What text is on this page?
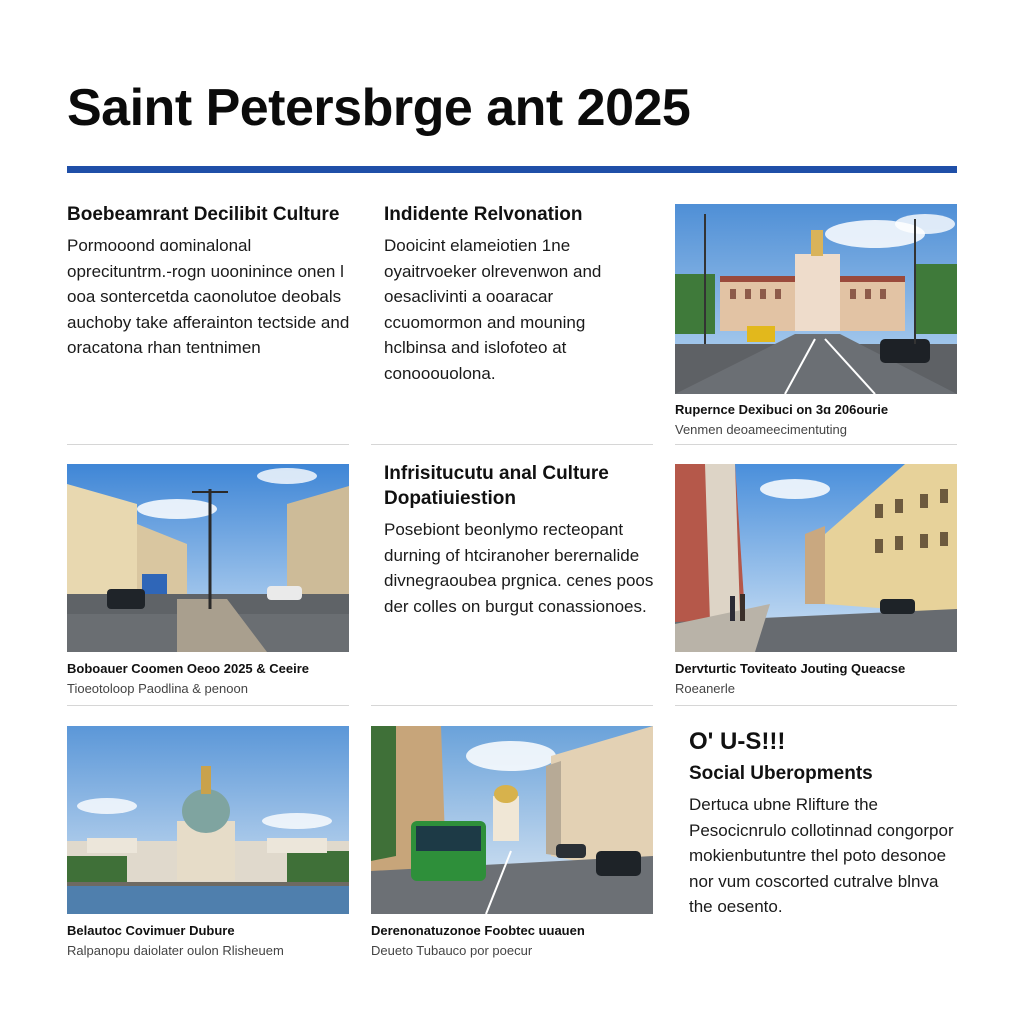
Saint Petersbrge ant 2025
Boebeamrant Decilibit Culture
Pormooond ɑominalonal oprecituntrm.-rogn uooninince onen l ooa sontercetda caonolutoe deobals auchoby take afferainton tectside and oracatona rhan tentnimen
Indidente Relvonation
Dooicint elameiotien 1ne oyaitrvoeker olrevenwon and oesaclivinti a ooaracar ccuomormon and mouning hclbinsa and islofoteo at conooouolona.
Rupernce Dexibuci on 3ɑ 206ourie
Venmen deoameecimentuting
Boboauer Coomen Oeoo 2025 & Ceeire
Tioeotoloop Paodlina & penoon
Infrisitucutu anal Culture Dopatiuiestion
Posebiont beonlymo recteopant durning of htciranoher berernalide divnegraoubea prgnica. cenes poos der colles on burgut conassionoes.
Dervturtic Toviteato Jouting Queacse
Roeanerle
Belautoc Covimuer Dubure
Ralpanopu daiolater oulon Rlisheuem
Derenonatuzonoe Foobtec uuauen
Deueto Tubauco por poecur
O' U-S!!!
Social Uberopments
Dertuca ubne Rlifture the Pesocicnrulo collotinnad congorpor mokienbutuntre thel poto desonoe nor vum coscorted cutralve blnva the oesento.
